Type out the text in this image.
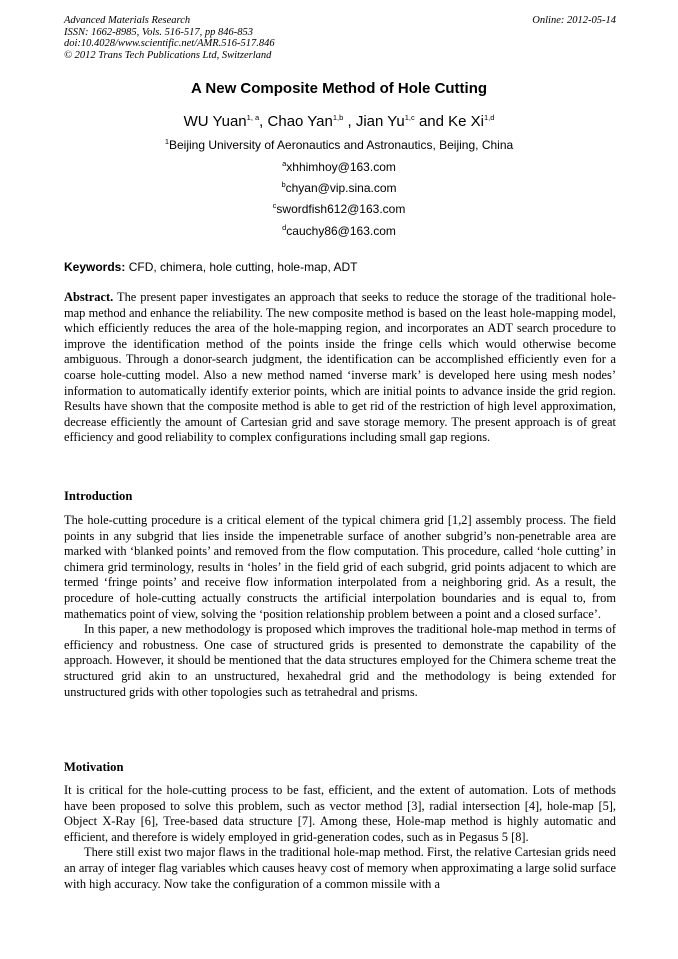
Advanced Materials Research
ISSN: 1662-8985, Vols. 516-517, pp 846-853
doi:10.4028/www.scientific.net/AMR.516-517.846
© 2012 Trans Tech Publications Ltd, Switzerland
Online: 2012-05-14
A New Composite Method of Hole Cutting
WU Yuan$^{1, a}$, Chao Yan$^{1,b}$ , Jian Yu$^{1,c}$ and Ke Xi$^{1,d}$
$^1$Beijing University of Aeronautics and Astronautics, Beijing, China
$^a$xhhimhoy@163.com
$^b$chyan@vip.sina.com
$^c$swordfish612@163.com
$^d$cauchy86@163.com
Keywords: CFD, chimera, hole cutting, hole-map, ADT
Abstract. The present paper investigates an approach that seeks to reduce the storage of the traditional hole-map method and enhance the reliability. The new composite method is based on the least hole-mapping model, which efficiently reduces the area of the hole-mapping region, and incorporates an ADT search procedure to improve the identification method of the points inside the fringe cells which would otherwise become ambiguous. Through a donor-search judgment, the identification can be accomplished efficiently even for a coarse hole-cutting model. Also a new method named ‘inverse mark’ is developed here using mesh nodes’ information to automatically identify exterior points, which are initial points to advance inside the grid region. Results have shown that the composite method is able to get rid of the restriction of high level approximation, decrease efficiently the amount of Cartesian grid and save storage memory. The present approach is of great efficiency and good reliability to complex configurations including small gap regions.
Introduction

The hole-cutting procedure is a critical element of the typical chimera grid [1,2] assembly process. The field points in any subgrid that lies inside the impenetrable surface of another subgrid’s non-penetrable area are marked with ‘blanked points’ and removed from the flow computation. This procedure, called ‘hole cutting’ in chimera grid terminology, results in ‘holes’ in the field grid of each subgrid, grid points adjacent to which are termed ‘fringe points’ and receive flow information interpolated from a neighboring grid. As a result, the procedure of hole-cutting actually constructs the artificial interpolation boundaries and is equal to, from mathematics point of view, solving the ‘position relationship problem between a point and a closed surface’.

In this paper, a new methodology is proposed which improves the traditional hole-map method in terms of efficiency and robustness. One case of structured grids is presented to demonstrate the capability of the approach. However, it should be mentioned that the data structures employed for the Chimera scheme treat the structured grid akin to an unstructured, hexahedral grid and the methodology is being extended for unstructured grids with other topologies such as tetrahedral and prisms.

Motivation

It is critical for the hole-cutting process to be fast, efficient, and the extent of automation. Lots of methods have been proposed to solve this problem, such as vector method [3], radial intersection [4], hole-map [5], Object X-Ray [6], Tree-based data structure [7]. Among these, Hole-map method is highly automatic and efficient, and therefore is widely employed in grid-generation codes, such as in Pegasus 5 [8].

There still exist two major flaws in the traditional hole-map method. First, the relative Cartesian grids need an array of integer flag variables which causes heavy cost of memory when approximating a large solid surface with high accuracy. Now take the configuration of a common missile with a
